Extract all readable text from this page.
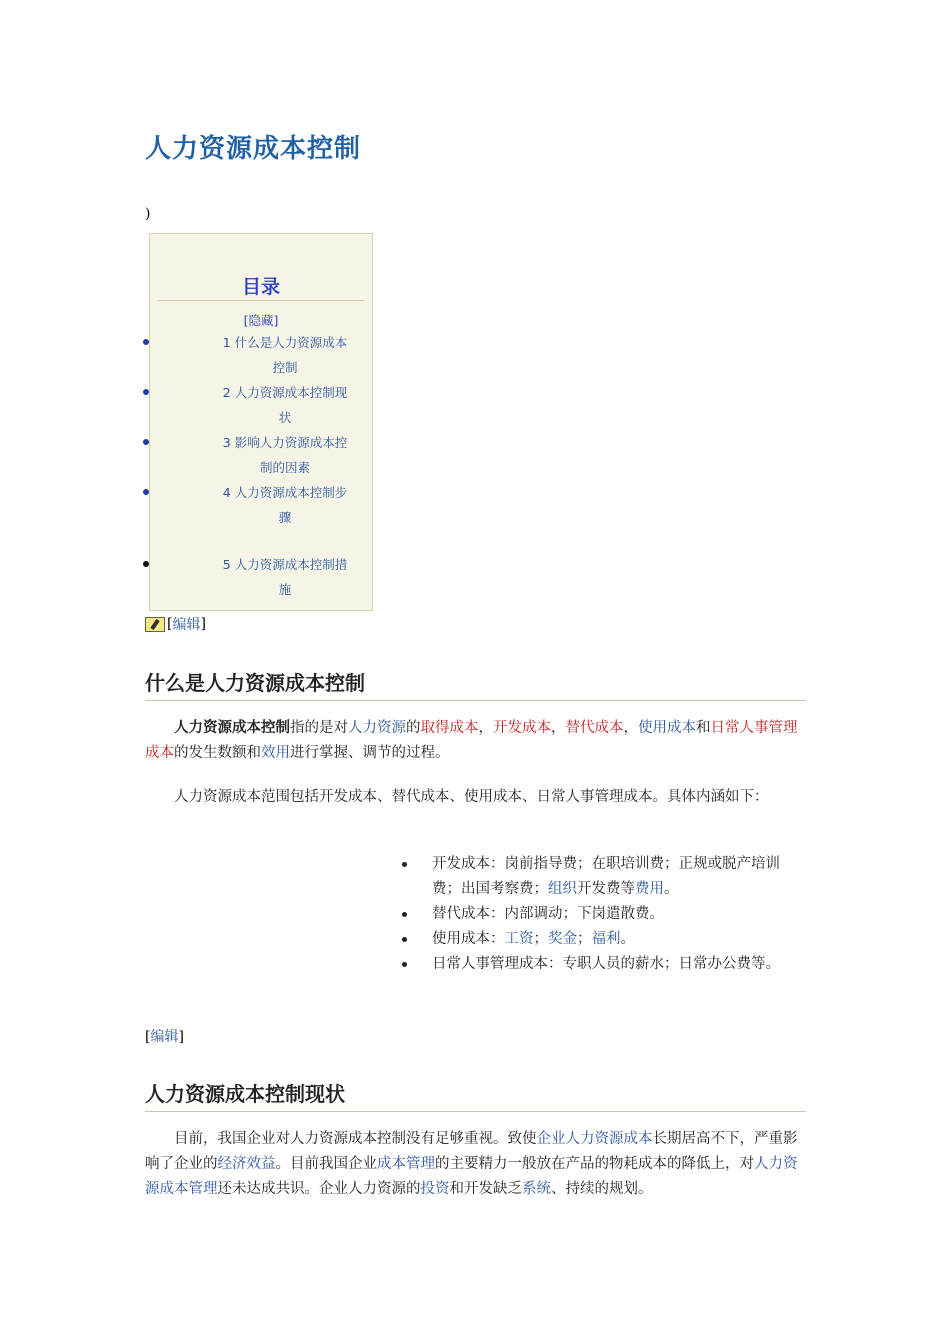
人力资源成本控制
)
目录
[隐藏]
1 什么是人力资源成本
控制
2 人力资源成本控制现
状
3 影响人力资源成本控
制的因素
4 人力资源成本控制步
骤
5 人力资源成本控制措
施
[ 编辑 ]
什么是人力资源成本控制

人力资源成本控制指的是对人力资源的取得成本，开发成本，替代成本，使用成本和日常人事管理成本的发生数额和效用进行掌握、调节的过程。

人力资源成本范围包括开发成本、替代成本、使用成本、日常人事管理成本。具体内涵如下：

开发成本：岗前指导费；在职培训费；正规或脱产培训费；出国考察费；组织开发费等费用。
替代成本：内部调动；下岗遣散费。
使用成本：工资；奖金；福利。
日常人事管理成本：专职人员的薪水；日常办公费等。
[编辑]
人力资源成本控制现状

目前，我国企业对人力资源成本控制没有足够重视。致使企业人力资源成本长期居高不下，严重影响了企业的经济效益。目前我国企业成本管理的主要精力一般放在产品的物耗成本的降低上，对人力资源成本管理还未达成共识。企业人力资源的投资和开发缺乏系统、持续的规划。
